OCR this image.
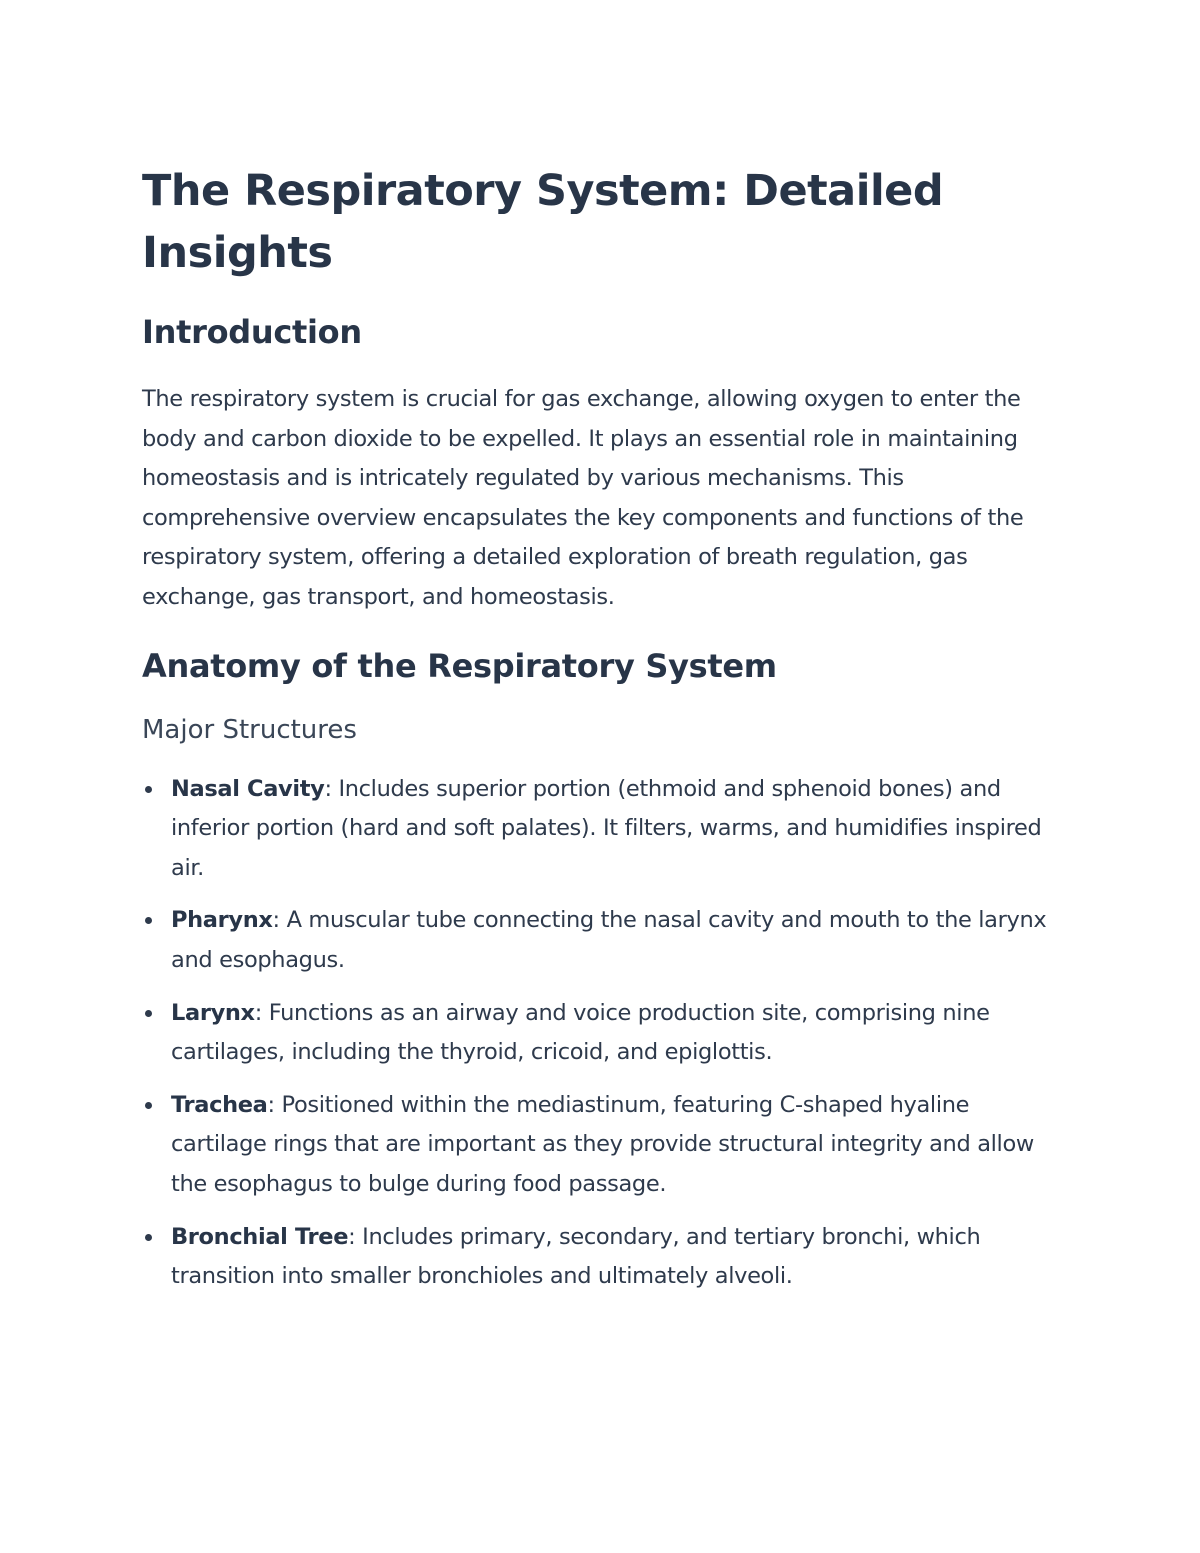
The Respiratory System: Detailed Insights
Introduction

The respiratory system is crucial for gas exchange, allowing oxygen to enter the body and carbon dioxide to be expelled. It plays an essential role in maintaining homeostasis and is intricately regulated by various mechanisms. This comprehensive overview encapsulates the key components and functions of the respiratory system, offering a detailed exploration of breath regulation, gas exchange, gas transport, and homeostasis.

Anatomy of the Respiratory System
Major Structures
Nasal Cavity: Includes superior portion (ethmoid and sphenoid bones) and inferior portion (hard and soft palates). It filters, warms, and humidifies inspired air.
Pharynx: A muscular tube connecting the nasal cavity and mouth to the larynx and esophagus.
Larynx: Functions as an airway and voice production site, comprising nine cartilages, including the thyroid, cricoid, and epiglottis.
Trachea: Positioned within the mediastinum, featuring C-shaped hyaline cartilage rings that are important as they provide structural integrity and allow the esophagus to bulge during food passage.
Bronchial Tree: Includes primary, secondary, and tertiary bronchi, which transition into smaller bronchioles and ultimately alveoli.
